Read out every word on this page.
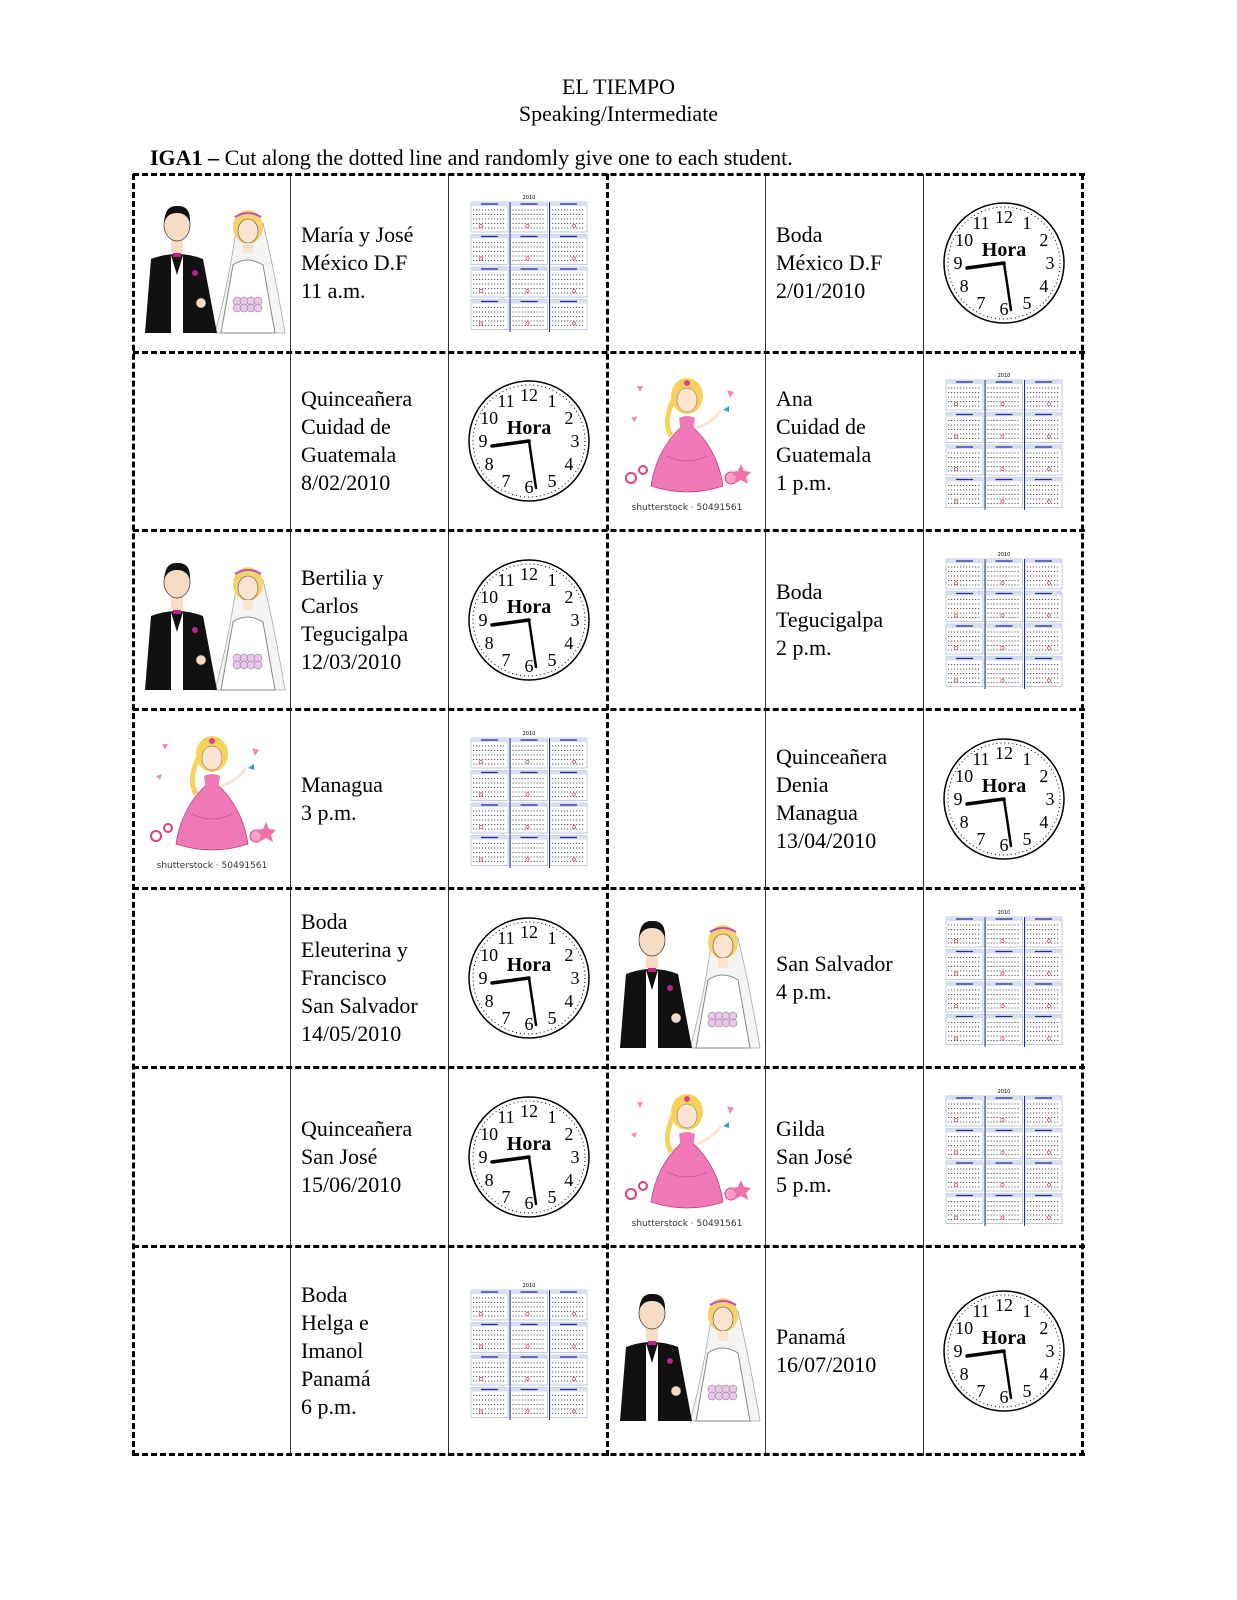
EL TIEMPO
Speaking/Intermediate
IGA1 – Cut along the dotted line and randomly give one to each student.
María y José
México D.F
11 a.m.
2010
Boda
México D.F
2/01/2010
12 1
2
3
4
5
6
7
8
9
10
11
Hora
Quinceañera
Cuidad de
Guatemala
8/02/2010
12 1
2
3
4
5
6
7
8
9
10
11
Hora
shutterstock · 50491561
Ana
Cuidad de
Guatemala
1 p.m.
2010
Bertilia y
Carlos
Tegucigalpa
12/03/2010
12 1
2
3
4
5
6
7
8
9
10
11
Hora
Boda
Tegucigalpa
2 p.m.
2010
shutterstock · 50491561
Managua
3 p.m.
2010
Quinceañera
Denia
Managua
13/04/2010
12 1
2
3
4
5
6
7
8
9
10
11
Hora
Boda
Eleuterina y
Francisco
San Salvador
14/05/2010
12 1
2
3
4
5
6
7
8
9
10
11
Hora	San Salvador
4 p.m.
2010
Quinceañera
San José
15/06/2010
12 1
2
3
4
5
6
7
8
9
10
11
Hora
shutterstock · 50491561
Gilda
San José
5 p.m.
2010
Boda
Helga e
Imanol
Panamá
6 p.m.
2010
Panamá
16/07/2010
12 1
2
3
4
5
6
7
8
9
10
11
Hora
